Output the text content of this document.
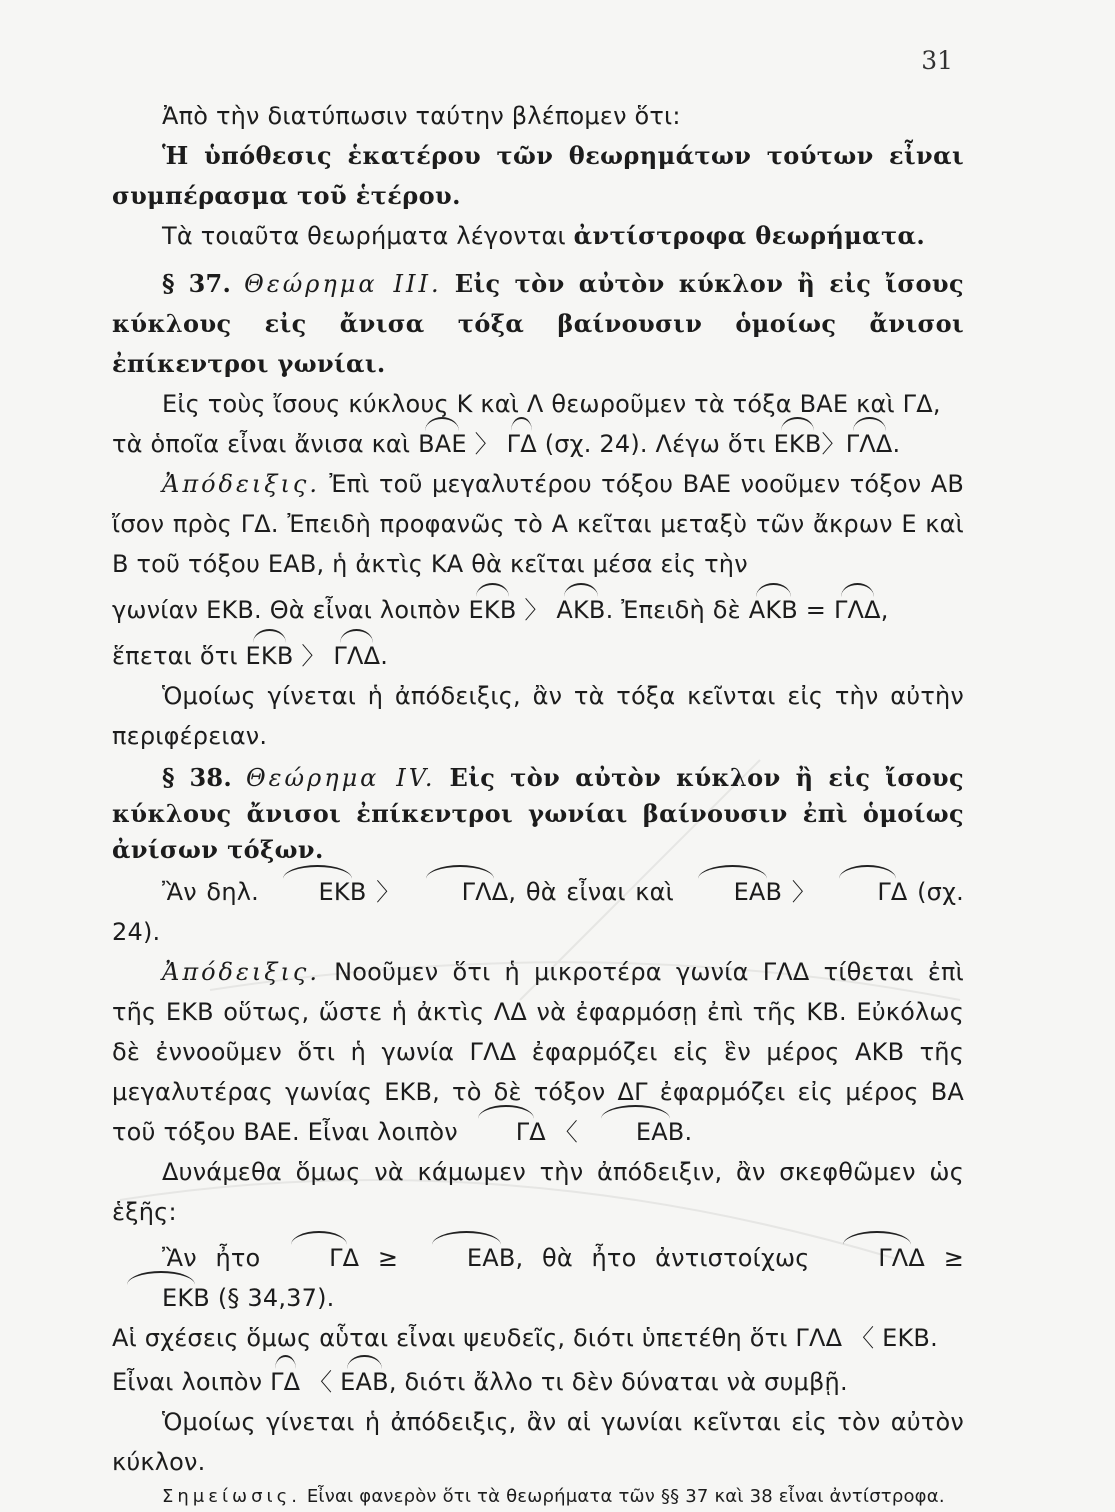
31

Ἀπὸ τὴν διατύπωσιν ταύτην βλέπομεν ὅτι:

Ἡ ὑπόθεσις ἑκατέρου τῶν θεωρημάτων τούτων εἶναι συμπέρασμα τοῦ ἑτέρου.

Τὰ τοιαῦτα θεωρήματα λέγονται ἀντίστροφα θεωρήματα.

§ 37. Θεώρημα III. Εἰς τὸν αὐτὸν κύκλον ἢ εἰς ἴσους κύκλους εἰς ἄνισα τόξα βαίνουσιν ὁμοίως ἄνισοι ἐπίκεντροι γωνίαι.

Εἰς τοὺς ἴσους κύκλους Κ καὶ Λ θεωροῦμεν τὰ τόξα ΒΑΕ καὶ ΓΔ,

τὰ ὁποῖα εἶναι ἄνισα καὶ ΒΑΕ 〉 ΓΔ (σχ. 24). Λέγω ὅτι ΕΚΒ〉ΓΛΔ.

Ἀπόδειξις. Ἐπὶ τοῦ μεγαλυτέρου τόξου ΒΑΕ νοοῦμεν τόξον ΑΒ ἴσον πρὸς ΓΔ. Ἐπειδὴ προφανῶς τὸ Α κεῖται μεταξὺ τῶν ἄκρων Ε καὶ Β τοῦ τόξου ΕΑΒ, ἡ ἀκτὶς ΚΑ θὰ κεῖται μέσα εἰς τὴν

γωνίαν ΕΚΒ. Θὰ εἶναι λοιπὸν ΕΚΒ 〉 ΑΚΒ. Ἐπειδὴ δὲ ΑΚΒ = ΓΛΔ,

ἕπεται ὅτι ΕΚΒ 〉 ΓΛΔ.

Ὁμοίως γίνεται ἡ ἀπόδειξις, ἂν τὰ τόξα κεῖνται εἰς τὴν αὐτὴν περιφέρειαν.

§ 38. Θεώρημα IV. Εἰς τὸν αὐτὸν κύκλον ἢ εἰς ἴσους κύκλους ἄνισοι ἐπίκεντροι γωνίαι βαίνουσιν ἐπὶ ὁμοίως ἀνίσων τόξων.

Ἂν δηλ. ΕΚΒ 〉 ΓΛΔ, θὰ εἶναι καὶ ΕΑΒ 〉 ΓΔ (σχ. 24).

Ἀπόδειξις. Νοοῦμεν ὅτι ἡ μικροτέρα γωνία ΓΛΔ τίθεται ἐπὶ τῆς ΕΚΒ οὕτως, ὥστε ἡ ἀκτὶς ΛΔ νὰ ἐφαρμόσῃ ἐπὶ τῆς ΚΒ. Εὐκόλως δὲ ἐννοοῦμεν ὅτι ἡ γωνία ΓΛΔ ἐφαρμόζει εἰς ἓν μέρος ΑΚΒ τῆς μεγαλυτέρας γωνίας ΕΚΒ, τὸ δὲ τόξον ΔΓ ἐφαρμόζει εἰς μέρος ΒΑ τοῦ τόξου ΒΑΕ. Εἶναι λοιπὸν ΓΔ 〈 ΕΑΒ.

Δυνάμεθα ὅμως νὰ κάμωμεν τὴν ἀπόδειξιν, ἂν σκεφθῶμεν ὡς ἑξῆς:

Ἂν ἦτο	ΓΔ ≥	ΕΑΒ, θὰ ἦτο ἀντιστοίχως	ΓΛΔ ≥ ΕΚΒ (§ 34,37).

Αἱ σχέσεις ὅμως αὗται εἶναι ψευδεῖς, διότι ὑπετέθη ὅτι ΓΛΔ 〈 ΕΚΒ.

Εἶναι λοιπὸν ΓΔ 〈 ΕΑΒ, διότι ἄλλο τι δὲν δύναται νὰ συμβῇ.

Ὁμοίως γίνεται ἡ ἀπόδειξις, ἂν αἱ γωνίαι κεῖνται εἰς τὸν αὐτὸν κύκλον.

Σημείωσις. Εἶναι φανερὸν ὅτι τὰ θεωρήματα τῶν §§ 37 καὶ 38 εἶναι ἀντίστροφα.
